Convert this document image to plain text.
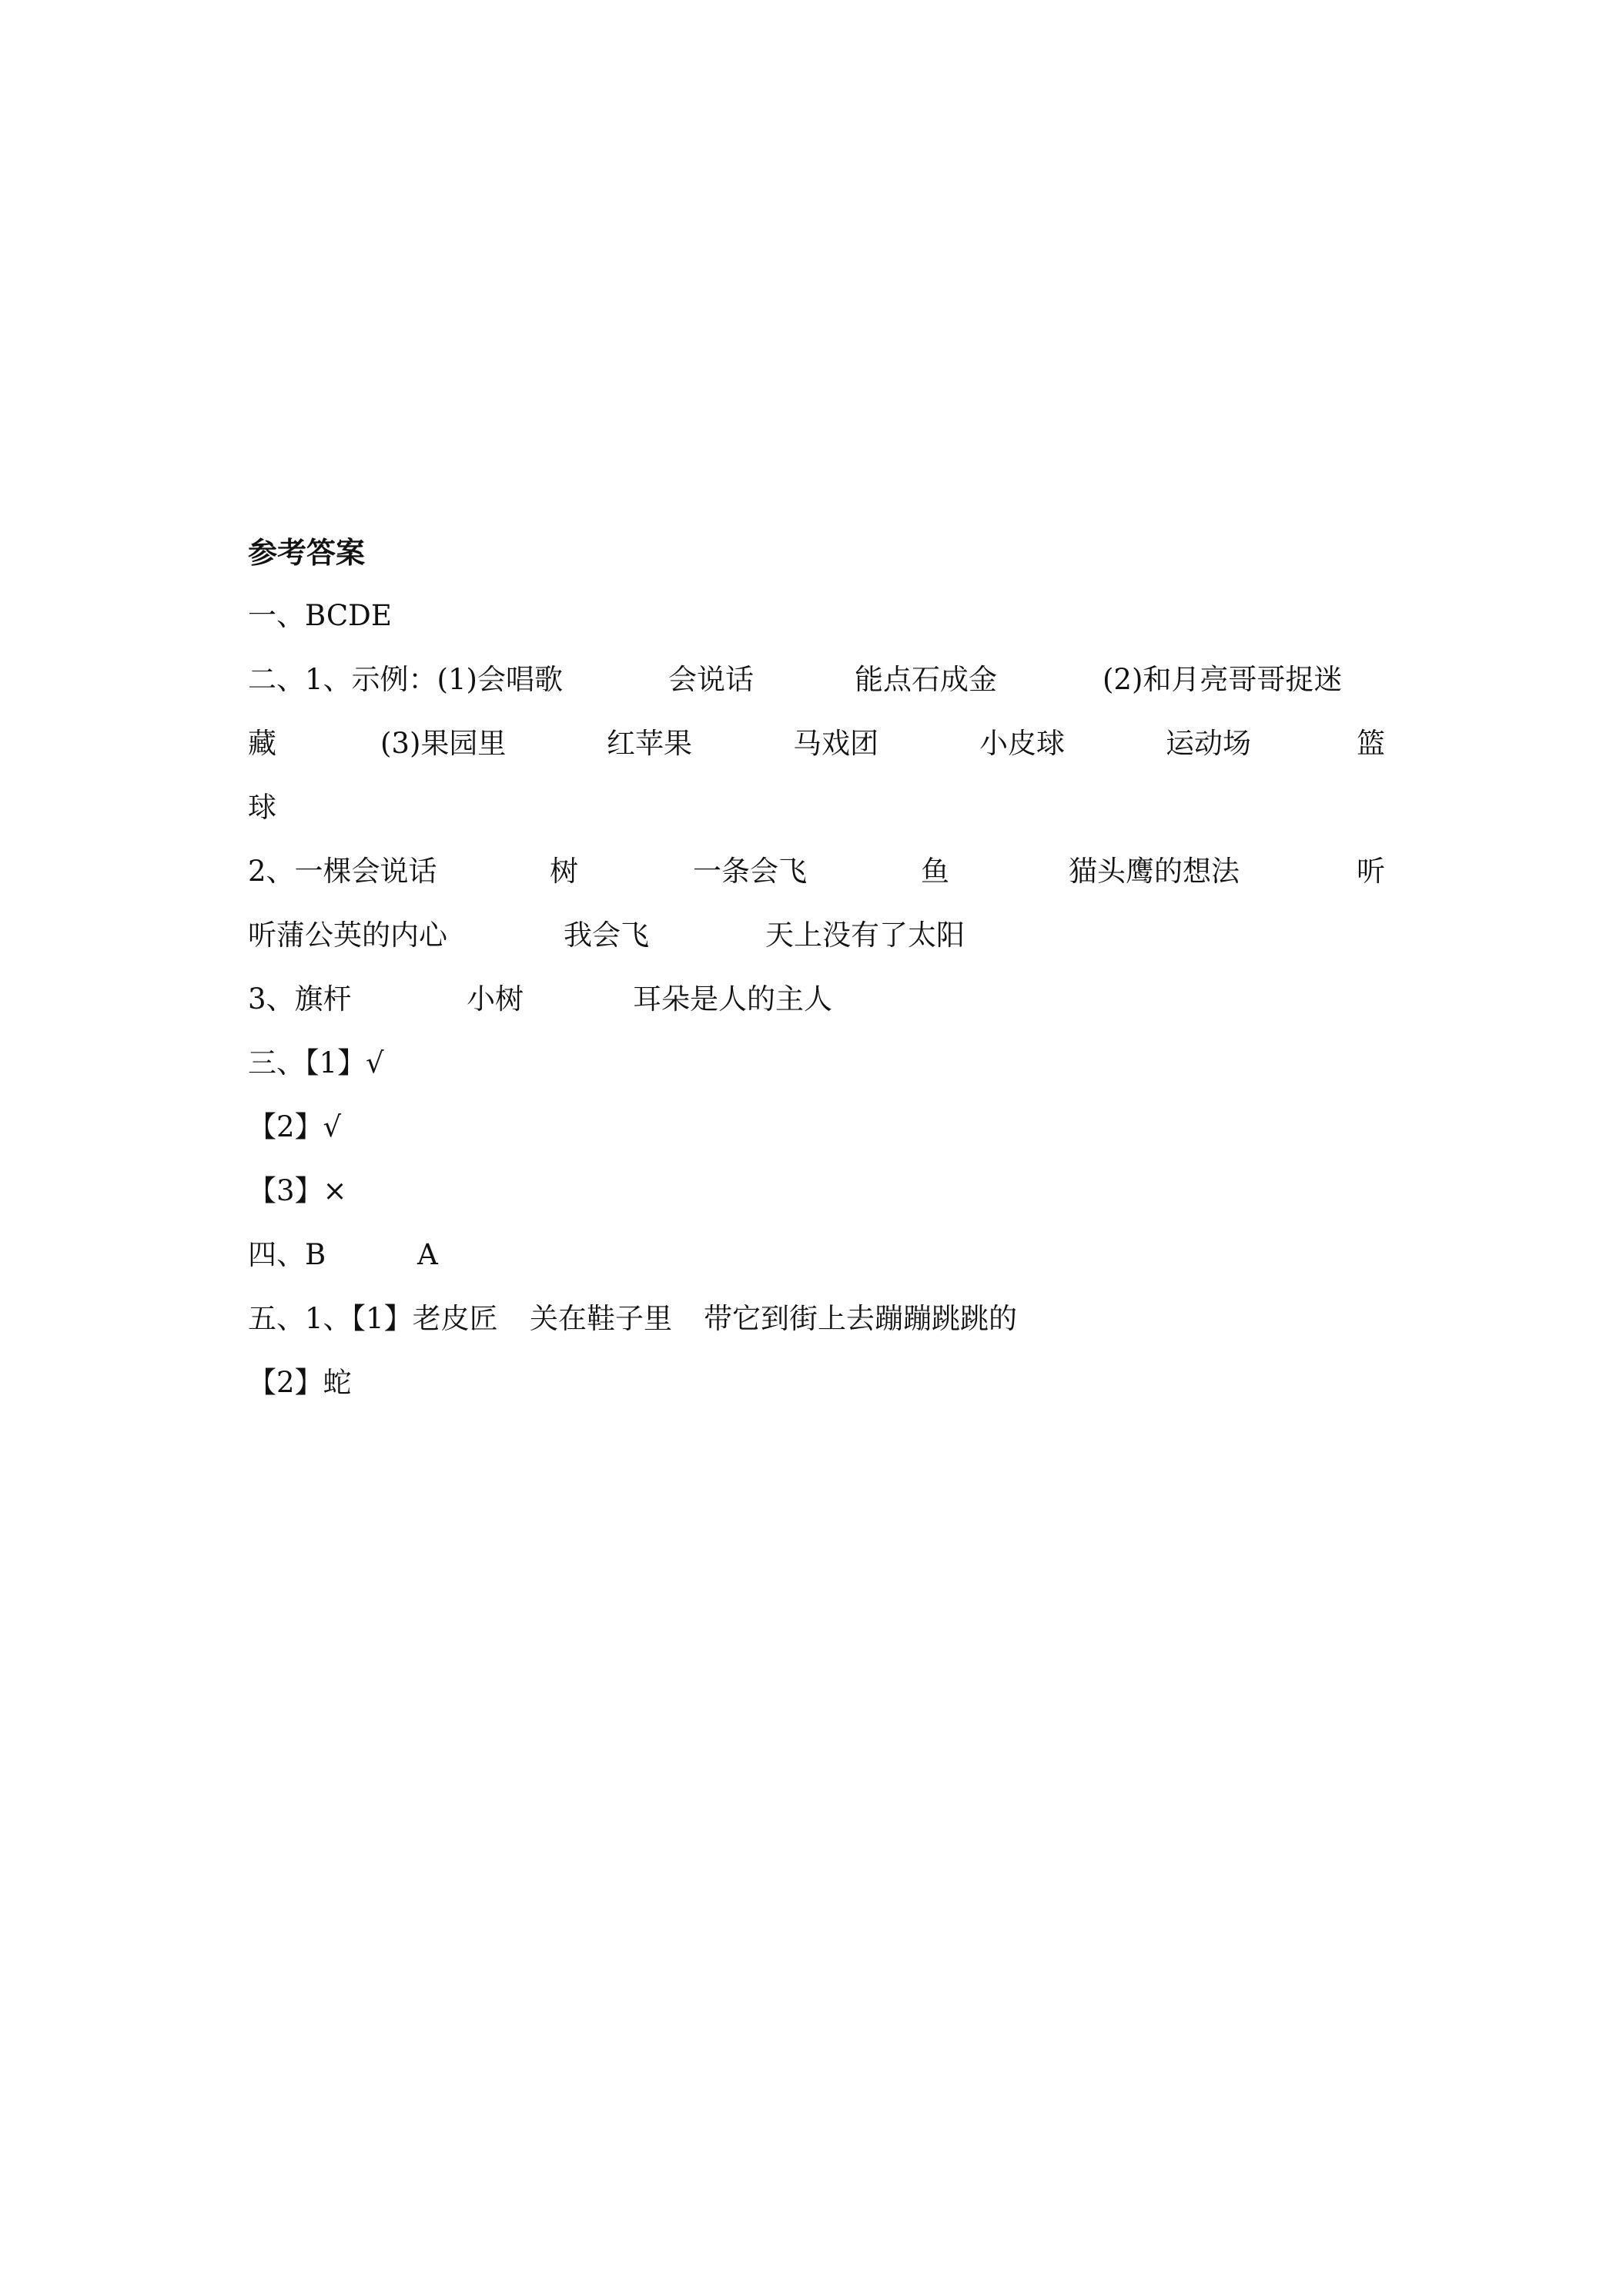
参考答案
一、BCDE
二、1、示例：(1)会唱歌	会说话	能点石成金	(2)和月亮哥哥捉迷
藏	(3)果园里	红苹果	马戏团	小皮球	运动场	篮
球
2、一棵会说话	树	一条会飞	鱼	猫头鹰的想法	听
听蒲公英的内心	我会飞	天上没有了太阳
3、旗杆	小树	耳朵是人的主人
三、【1】√
【2】√
【3】×
四、B	A
五、1、【1】老皮匠 关在鞋子里 带它到街上去蹦蹦跳跳的
【2】蛇
